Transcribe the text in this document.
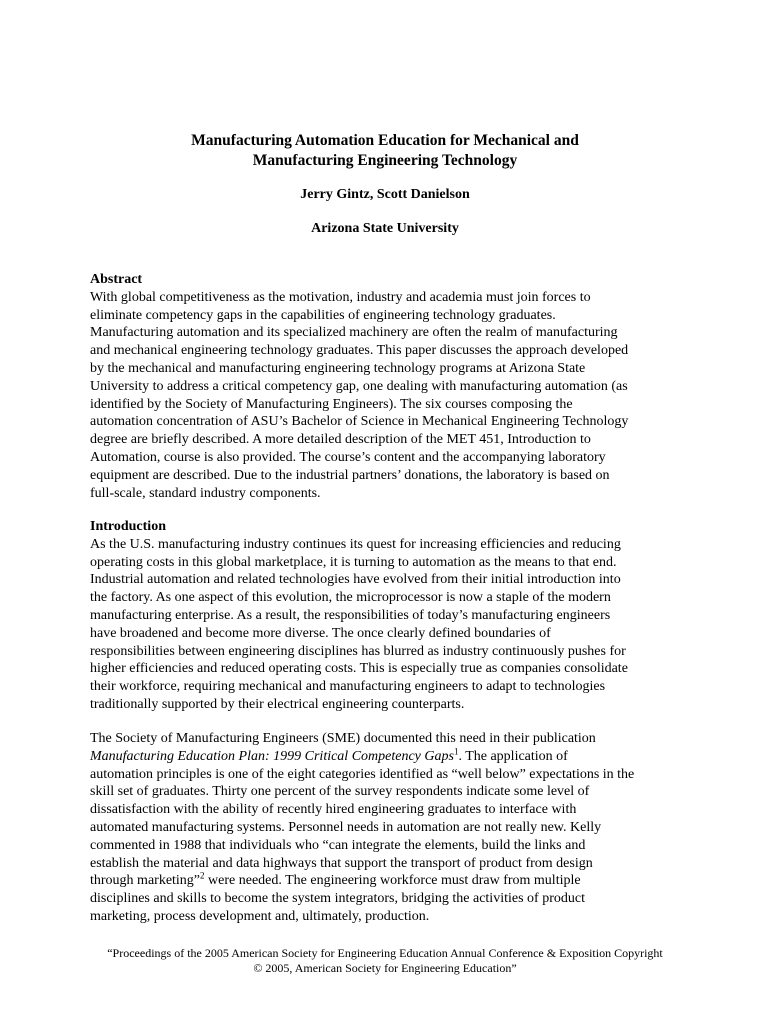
Manufacturing Automation Education for Mechanical and
Manufacturing Engineering Technology
Jerry Gintz, Scott Danielson
Arizona State University
Abstract

With global competitiveness as the motivation, industry and academia must join forces to
eliminate competency gaps in the capabilities of engineering technology graduates.
Manufacturing automation and its specialized machinery are often the realm of manufacturing
and mechanical engineering technology graduates. This paper discusses the approach developed
by the mechanical and manufacturing engineering technology programs at Arizona State
University to address a critical competency gap, one dealing with manufacturing automation (as
identified by the Society of Manufacturing Engineers). The six courses composing the
automation concentration of ASU’s Bachelor of Science in Mechanical Engineering Technology
degree are briefly described. A more detailed description of the MET 451, Introduction to
Automation, course is also provided. The course’s content and the accompanying laboratory
equipment are described. Due to the industrial partners’ donations, the laboratory is based on
full-scale, standard industry components.

Introduction

As the U.S. manufacturing industry continues its quest for increasing efficiencies and reducing
operating costs in this global marketplace, it is turning to automation as the means to that end.
Industrial automation and related technologies have evolved from their initial introduction into
the factory. As one aspect of this evolution, the microprocessor is now a staple of the modern
manufacturing enterprise. As a result, the responsibilities of today’s manufacturing engineers
have broadened and become more diverse. The once clearly defined boundaries of
responsibilities between engineering disciplines has blurred as industry continuously pushes for
higher efficiencies and reduced operating costs. This is especially true as companies consolidate
their workforce, requiring mechanical and manufacturing engineers to adapt to technologies
traditionally supported by their electrical engineering counterparts.

The Society of Manufacturing Engineers (SME) documented this need in their publication
Manufacturing Education Plan: 1999 Critical Competency Gaps$^1$. The application of
automation principles is one of the eight categories identified as “well below” expectations in the
skill set of graduates. Thirty one percent of the survey respondents indicate some level of
dissatisfaction with the ability of recently hired engineering graduates to interface with
automated manufacturing systems. Personnel needs in automation are not really new. Kelly
commented in 1988 that individuals who “can integrate the elements, build the links and
establish the material and data highways that support the transport of product from design
through marketing”$^2$ were needed. The engineering workforce must draw from multiple
disciplines and skills to become the system integrators, bridging the activities of product
marketing, process development and, ultimately, production.

“Proceedings of the 2005 American Society for Engineering Education Annual Conference & Exposition Copyright
© 2005, American Society for Engineering Education”
